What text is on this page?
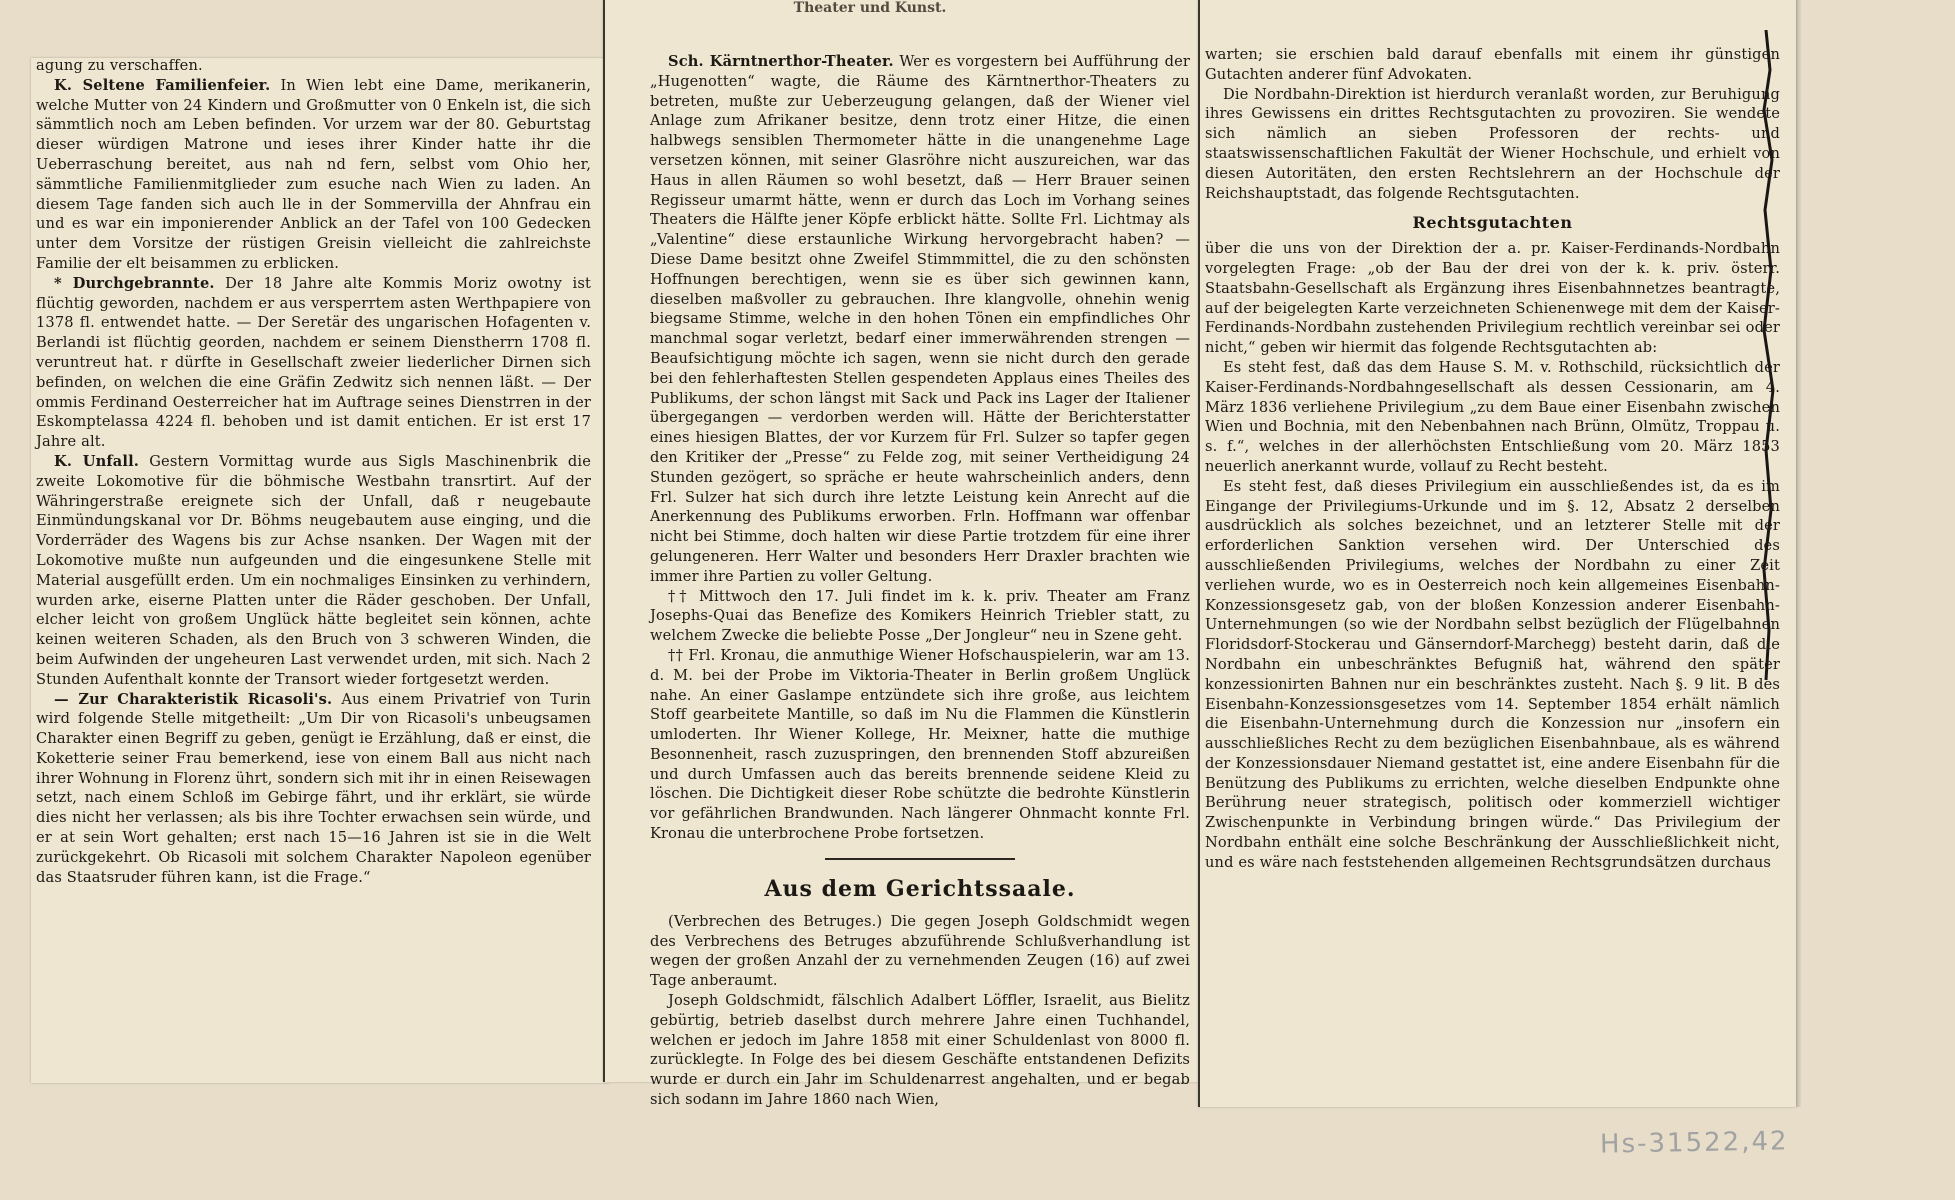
Theater und Kunst.

agung zu verschaffen.

K. Seltene Familienfeier. In Wien lebt eine Dame, merikanerin, welche Mutter von 24 Kindern und Großmutter von 0 Enkeln ist, die sich sämmtlich noch am Leben befinden. Vor urzem war der 80. Geburtstag dieser würdigen Matrone und ieses ihrer Kinder hatte ihr die Ueberraschung bereitet, aus nah nd fern, selbst vom Ohio her, sämmtliche Familienmitglieder zum esuche nach Wien zu laden. An diesem Tage fanden sich auch lle in der Sommervilla der Ahnfrau ein und es war ein imponierender Anblick an der Tafel von 100 Gedecken unter dem Vorsitze der rüstigen Greisin vielleicht die zahlreichste Familie der elt beisammen zu erblicken.

* Durchgebrannte. Der 18 Jahre alte Kommis Moriz owotny ist flüchtig geworden, nachdem er aus versperrtem asten Werthpapiere von 1378 fl. entwendet hatte. — Der Seretär des ungarischen Hofagenten v. Berlandi ist flüchtig georden, nachdem er seinem Dienstherrn 1708 fl. veruntreut hat. r dürfte in Gesellschaft zweier liederlicher Dirnen sich befinden, on welchen die eine Gräfin Zedwitz sich nennen läßt. — Der ommis Ferdinand Oesterreicher hat im Auftrage seines Dienstrren in der Eskomptelassa 4224 fl. behoben und ist damit entichen. Er ist erst 17 Jahre alt.

K. Unfall. Gestern Vormittag wurde aus Sigls Maschinenbrik die zweite Lokomotive für die böhmische Westbahn transrtirt. Auf der Währingerstraße ereignete sich der Unfall, daß r neugebaute Einmündungskanal vor Dr. Böhms neugebautem ause einging, und die Vorderräder des Wagens bis zur Achse nsanken. Der Wagen mit der Lokomotive mußte nun aufgeunden und die eingesunkene Stelle mit Material ausgefüllt erden. Um ein nochmaliges Einsinken zu verhindern, wurden arke, eiserne Platten unter die Räder geschoben. Der Unfall, elcher leicht von großem Unglück hätte begleitet sein können, achte keinen weiteren Schaden, als den Bruch von 3 schweren Winden, die beim Aufwinden der ungeheuren Last verwendet urden, mit sich. Nach 2 Stunden Aufenthalt konnte der Transort wieder fortgesetzt werden.

— Zur Charakteristik Ricasoli's. Aus einem Privatrief von Turin wird folgende Stelle mitgetheilt: „Um Dir von Ricasoli's unbeugsamen Charakter einen Begriff zu geben, genügt ie Erzählung, daß er einst, die Koketterie seiner Frau bemerkend, iese von einem Ball aus nicht nach ihrer Wohnung in Florenz ührt, sondern sich mit ihr in einen Reisewagen setzt, nach einem Schloß im Gebirge fährt, und ihr erklärt, sie würde dies nicht her verlassen; als bis ihre Tochter erwachsen sein würde, und er at sein Wort gehalten; erst nach 15—16 Jahren ist sie in die Welt zurückgekehrt. Ob Ricasoli mit solchem Charakter Napoleon egenüber das Staatsruder führen kann, ist die Frage.“

Sch. Kärntnerthor-Theater. Wer es vorgestern bei Aufführung der „Hugenotten“ wagte, die Räume des Kärntnerthor-Theaters zu betreten, mußte zur Ueberzeugung gelangen, daß der Wiener viel Anlage zum Afrikaner besitze, denn trotz einer Hitze, die einen halbwegs sensiblen Thermometer hätte in die unangenehme Lage versetzen können, mit seiner Glasröhre nicht auszureichen, war das Haus in allen Räumen so wohl besetzt, daß — Herr Brauer seinen Regisseur umarmt hätte, wenn er durch das Loch im Vorhang seines Theaters die Hälfte jener Köpfe erblickt hätte. Sollte Frl. Lichtmay als „Valentine“ diese erstaunliche Wirkung hervorgebracht haben? — Diese Dame besitzt ohne Zweifel Stimmmittel, die zu den schönsten Hoffnungen berechtigen, wenn sie es über sich gewinnen kann, dieselben maßvoller zu gebrauchen. Ihre klangvolle, ohnehin wenig biegsame Stimme, welche in den hohen Tönen ein empfindliches Ohr manchmal sogar verletzt, bedarf einer immerwährenden strengen — Beaufsichtigung möchte ich sagen, wenn sie nicht durch den gerade bei den fehlerhaftesten Stellen gespendeten Applaus eines Theiles des Publikums, der schon längst mit Sack und Pack ins Lager der Italiener übergegangen — verdorben werden will. Hätte der Berichterstatter eines hiesigen Blattes, der vor Kurzem für Frl. Sulzer so tapfer gegen den Kritiker der „Presse“ zu Felde zog, mit seiner Vertheidigung 24 Stunden gezögert, so spräche er heute wahrscheinlich anders, denn Frl. Sulzer hat sich durch ihre letzte Leistung kein Anrecht auf die Anerkennung des Publikums erworben. Frln. Hoffmann war offenbar nicht bei Stimme, doch halten wir diese Partie trotzdem für eine ihrer gelungeneren. Herr Walter und besonders Herr Draxler brachten wie immer ihre Partien zu voller Geltung.

†† Mittwoch den 17. Juli findet im k. k. priv. Theater am Franz Josephs-Quai das Benefize des Komikers Heinrich Triebler statt, zu welchem Zwecke die beliebte Posse „Der Jongleur“ neu in Szene geht.

†† Frl. Kronau, die anmuthige Wiener Hofschauspielerin, war am 13. d. M. bei der Probe im Viktoria-Theater in Berlin großem Unglück nahe. An einer Gaslampe entzündete sich ihre große, aus leichtem Stoff gearbeitete Mantille, so daß im Nu die Flammen die Künstlerin umloderten. Ihr Wiener Kollege, Hr. Meixner, hatte die muthige Besonnenheit, rasch zuzuspringen, den brennenden Stoff abzureißen und durch Umfassen auch das bereits brennende seidene Kleid zu löschen. Die Dichtigkeit dieser Robe schützte die bedrohte Künstlerin vor gefährlichen Brandwunden. Nach längerer Ohnmacht konnte Frl. Kronau die unterbrochene Probe fortsetzen.

Aus dem Gerichtssaale.

(Verbrechen des Betruges.) Die gegen Joseph Goldschmidt wegen des Verbrechens des Betruges abzuführende Schlußverhandlung ist wegen der großen Anzahl der zu vernehmenden Zeugen (16) auf zwei Tage anberaumt.

Joseph Goldschmidt, fälschlich Adalbert Löffler, Israelit, aus Bielitz gebürtig, betrieb daselbst durch mehrere Jahre einen Tuchhandel, welchen er jedoch im Jahre 1858 mit einer Schuldenlast von 8000 fl. zurücklegte. In Folge des bei diesem Geschäfte entstandenen Defizits wurde er durch ein Jahr im Schuldenarrest angehalten, und er begab sich sodann im Jahre 1860 nach Wien,

warten; sie erschien bald darauf ebenfalls mit einem ihr günstigen Gutachten anderer fünf Advokaten.

Die Nordbahn-Direktion ist hierdurch veranlaßt worden, zur Beruhigung ihres Gewissens ein drittes Rechtsgutachten zu provoziren. Sie wendete sich nämlich an sieben Professoren der rechts- und staatswissenschaftlichen Fakultät der Wiener Hochschule, und erhielt von diesen Autoritäten, den ersten Rechtslehrern an der Hochschule der Reichshauptstadt, das folgende Rechtsgutachten.

Rechtsgutachten

über die uns von der Direktion der a. pr. Kaiser-Ferdinands-Nordbahn vorgelegten Frage: „ob der Bau der drei von der k. k. priv. österr. Staatsbahn-Gesellschaft als Ergänzung ihres Eisenbahnnetzes beantragte, auf der beigelegten Karte verzeichneten Schienenwege mit dem der Kaiser-Ferdinands-Nordbahn zustehenden Privilegium rechtlich vereinbar sei oder nicht,“ geben wir hiermit das folgende Rechtsgutachten ab:

Es steht fest, daß das dem Hause S. M. v. Rothschild, rücksichtlich der Kaiser-Ferdinands-Nordbahngesellschaft als dessen Cessionarin, am 4. März 1836 verliehene Privilegium „zu dem Baue einer Eisenbahn zwischen Wien und Bochnia, mit den Nebenbahnen nach Brünn, Olmütz, Troppau u. s. f.“, welches in der allerhöchsten Entschließung vom 20. März 1853 neuerlich anerkannt wurde, vollauf zu Recht besteht.

Es steht fest, daß dieses Privilegium ein ausschließendes ist, da es im Eingange der Privilegiums-Urkunde und im §. 12, Absatz 2 derselben ausdrücklich als solches bezeichnet, und an letzterer Stelle mit der erforderlichen Sanktion versehen wird. Der Unterschied des ausschließenden Privilegiums, welches der Nordbahn zu einer Zeit verliehen wurde, wo es in Oesterreich noch kein allgemeines Eisenbahn-Konzessionsgesetz gab, von der bloßen Konzession anderer Eisenbahn-Unternehmungen (so wie der Nordbahn selbst bezüglich der Flügelbahnen Floridsdorf-Stockerau und Gänserndorf-Marchegg) besteht darin, daß die Nordbahn ein unbeschränktes Befugniß hat, während den später konzessionirten Bahnen nur ein beschränktes zusteht. Nach §. 9 lit. B des Eisenbahn-Konzessionsgesetzes vom 14. September 1854 erhält nämlich die Eisenbahn-Unternehmung durch die Konzession nur „insofern ein ausschließliches Recht zu dem bezüglichen Eisenbahnbaue, als es während der Konzessionsdauer Niemand gestattet ist, eine andere Eisenbahn für die Benützung des Publikums zu errichten, welche dieselben Endpunkte ohne Berührung neuer strategisch, politisch oder kommerziell wichtiger Zwischenpunkte in Verbindung bringen würde.“ Das Privilegium der Nordbahn enthält eine solche Beschränkung der Ausschließlichkeit nicht, und es wäre nach feststehenden allgemeinen Rechtsgrundsätzen durchaus

Hs-31522,42
